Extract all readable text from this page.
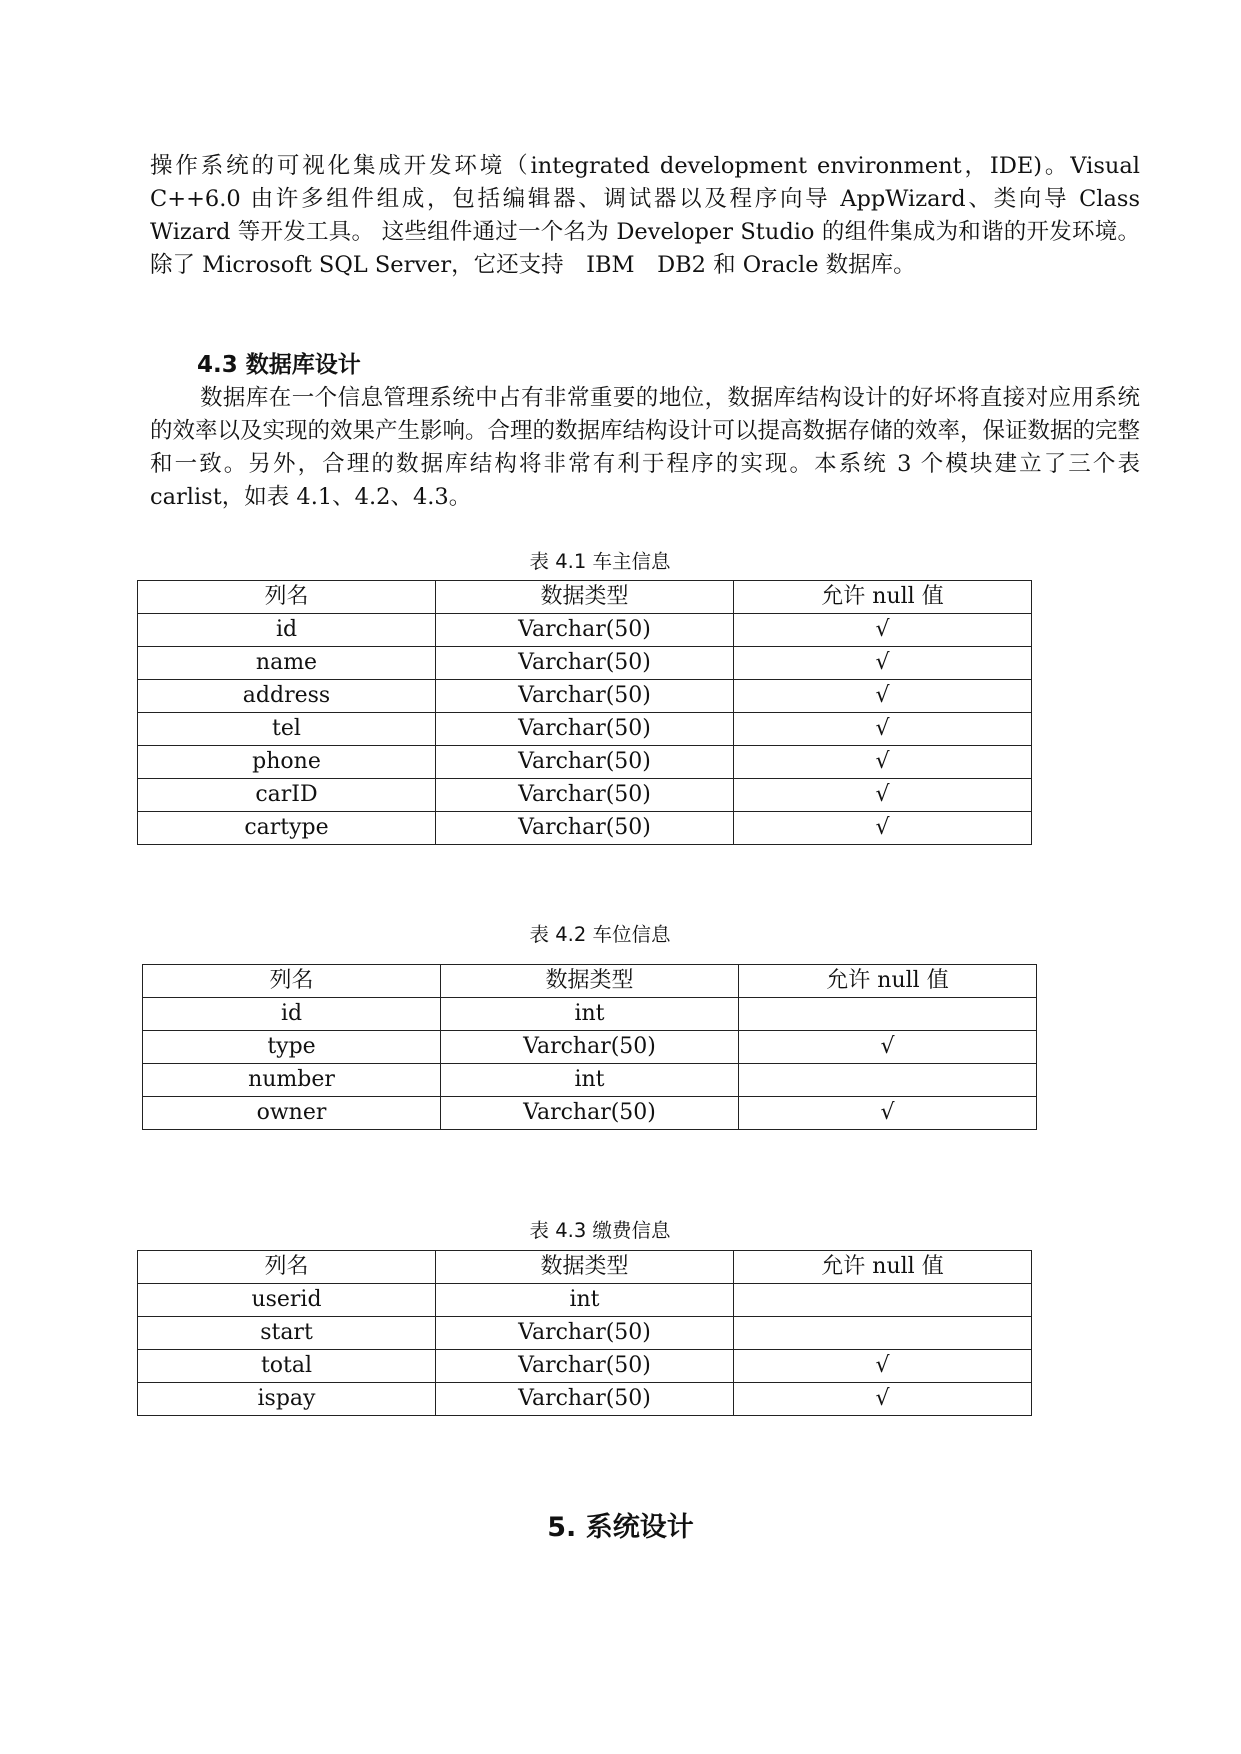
操作系统的可视化集成开发环境（integrated development environment，IDE)。Visual C++6.0 由许多组件组成，包括编辑器、调试器以及程序向导 AppWizard、类向导 Class Wizard 等开发工具。 这些组件通过一个名为 Developer Studio 的组件集成为和谐的开发环境。除了 Microsoft SQL Server，它还支持　IBM　DB2 和 Oracle 数据库。

4.3 数据库设计

数据库在一个信息管理系统中占有非常重要的地位，数据库结构设计的好坏将直接对应用系统的效率以及实现的效果产生影响。合理的数据库结构设计可以提高数据存储的效率，保证数据的完整和一致。另外，合理的数据库结构将非常有利于程序的实现。本系统 3 个模块建立了三个表 carlist，如表 4.1、4.2、4.3。

表 4.1 车主信息

列名	数据类型	允许 null 值
id	Varchar(50)	√
name	Varchar(50)	√
address	Varchar(50)	√
tel	Varchar(50)	√
phone	Varchar(50)	√
carID	Varchar(50)	√
cartype	Varchar(50)	√

表 4.2 车位信息

列名	数据类型	允许 null 值
id	int	
type	Varchar(50)	√
number	int	
owner	Varchar(50)	√

表 4.3 缴费信息

列名	数据类型	允许 null 值
userid	int	
start	Varchar(50)	
total	Varchar(50)	√
ispay	Varchar(50)	√
5. 系统设计
